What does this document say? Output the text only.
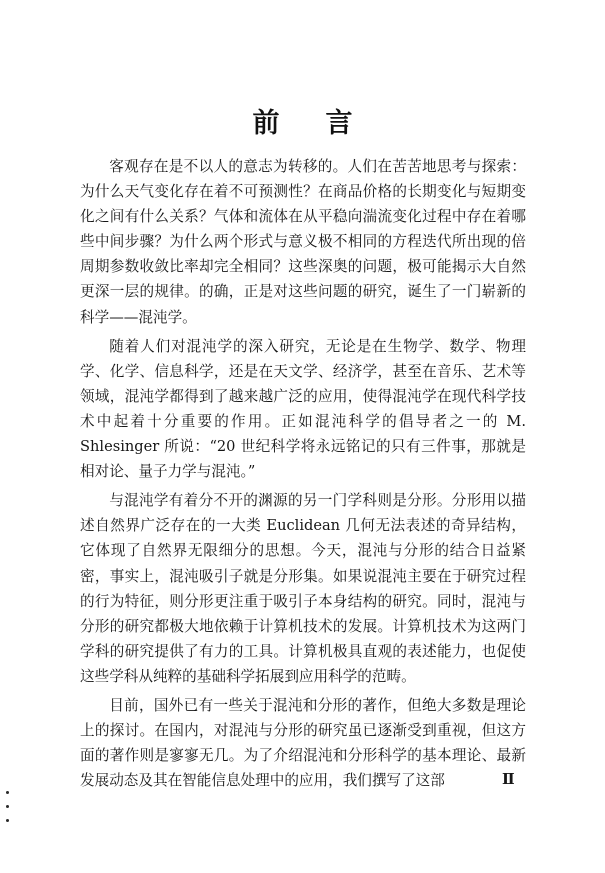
前言

客观存在是不以人的意志为转移的。人们在苦苦地思考与探索：为什么天气变化存在着不可预测性？在商品价格的长期变化与短期变化之间有什么关系？气体和流体在从平稳向湍流变化过程中存在着哪些中间步骤？为什么两个形式与意义极不相同的方程迭代所出现的倍周期参数收敛比率却完全相同？这些深奥的问题，极可能揭示大自然更深一层的规律。的确，正是对这些问题的研究，诞生了一门崭新的科学——混沌学。

随着人们对混沌学的深入研究，无论是在生物学、数学、物理学、化学、信息科学，还是在天文学、经济学，甚至在音乐、艺术等领域，混沌学都得到了越来越广泛的应用，使得混沌学在现代科学技术中起着十分重要的作用。正如混沌科学的倡导者之一的 M. Shlesinger 所说：“20 世纪科学将永远铭记的只有三件事，那就是相对论、量子力学与混沌。”

与混沌学有着分不开的渊源的另一门学科则是分形。分形用以描述自然界广泛存在的一大类 Euclidean 几何无法表述的奇异结构，它体现了自然界无限细分的思想。今天，混沌与分形的结合日益紧密，事实上，混沌吸引子就是分形集。如果说混沌主要在于研究过程的行为特征，则分形更注重于吸引子本身结构的研究。同时，混沌与分形的研究都极大地依赖于计算机技术的发展。计算机技术为这两门学科的研究提供了有力的工具。计算机极具直观的表述能力，也促使这些学科从纯粹的基础科学拓展到应用科学的范畴。

目前，国外已有一些关于混沌和分形的著作，但绝大多数是理论上的探讨。在国内，对混沌与分形的研究虽已逐渐受到重视，但这方面的著作则是寥寥无几。为了介绍混沌和分形科学的基本理论、最新发展动态及其在智能信息处理中的应用，我们撰写了这部	Ⅱ
